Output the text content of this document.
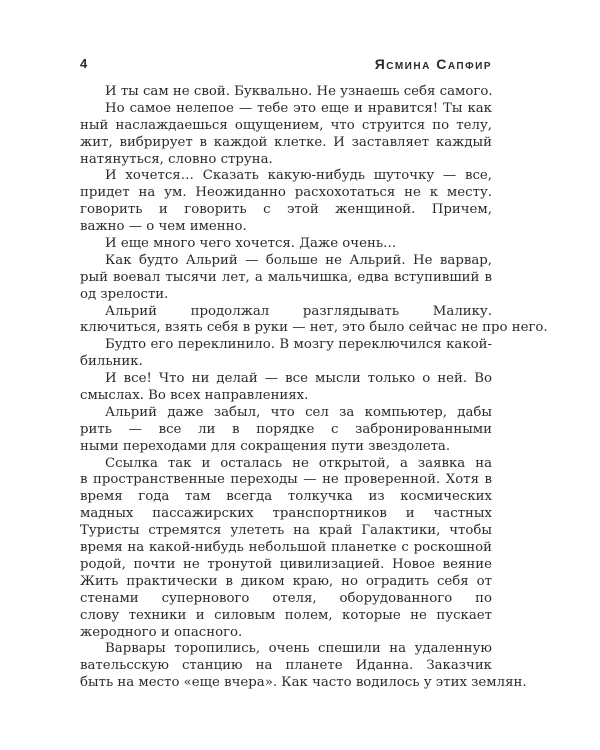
4	Ясмина Сапфир
И ты сам не свой. Буквально. Не узнаешь себя самого.
Но самое нелепое — тебе это еще и нравится! Ты как
ный наслаждаешься ощущением, что струится по телу,
жит, вибрирует в каждой клетке. И заставляет каждый
натянуться, словно струна.
И хочется… Сказать какую-нибудь шуточку — все,
придет на ум. Неожиданно расхохотаться не к месту.
говорить и говорить с этой женщиной. Причем,
важно — о чем именно.
И еще много чего хочется. Даже очень…
Как будто Альрий — больше не Альрий. Не варвар,
рый воевал тысячи лет, а мальчишка, едва вступивший в
од зрелости.
Альрий продолжал разглядывать Малику.
ключиться, взять себя в руки — нет, это было сейчас не про него.
Будто его переклинило. В мозгу переключился какой-
бильник.
И все! Что ни делай — все мысли только о ней. Во
смыслах. Во всех направлениях.
Альрий даже забыл, что сел за компьютер, дабы
рить — все ли в порядке с забронированными
ными переходами для сокращения пути звездолета.
Ссылка так и осталась не открытой, а заявка на
в пространственные переходы — не проверенной. Хотя в
время года там всегда толкучка из космических
мадных пассажирских транспортников и частных
Туристы стремятся улететь на край Галактики, чтобы
время на какой-нибудь небольшой планетке с роскошной
родой, почти не тронутой цивилизацией. Новое веяние
Жить практически в диком краю, но оградить себя от
стенами супернового отеля, оборудованного по
слову техники и силовым полем, которые не пускает
жеродного и опасного.
Варвары торопились, очень спешили на удаленную
вательсскую станцию на планете Иданна. Заказчик
быть на место «еще вчера». Как часто водилось у этих землян.
